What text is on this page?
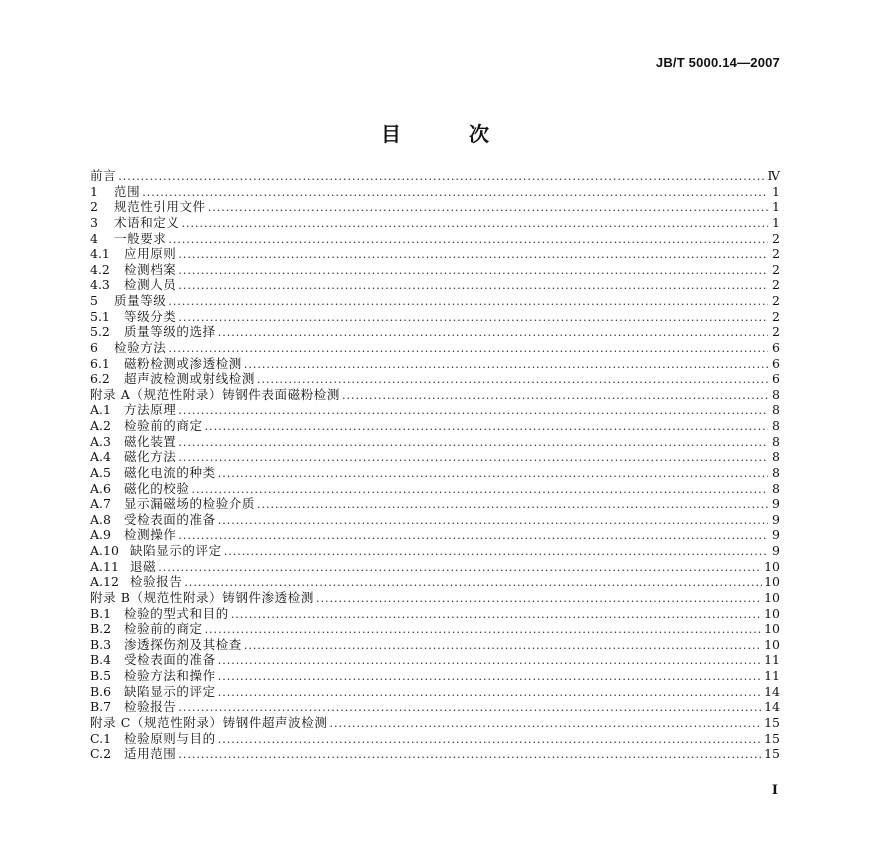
JB/T 5000.14—2007
目　次
前言 .....	Ⅳ
1	范围 .....	1
2	规范性引用文件 .....	1
3	术语和定义 .....	1
4	一般要求 .....	2
4.1	应用原则 .....	2
4.2	检测档案 .....	2
4.3	检测人员 .....	2
5	质量等级 .....	2
5.1	等级分类 .....	2
5.2	质量等级的选择 .....	2
6	检验方法 .....	6
6.1	磁粉检测或渗透检测 .....	6
6.2	超声波检测或射线检测 .....	6
附录 A（规范性附录）铸钢件表面磁粉检测 .....	8
A.1	方法原理 .....	8
A.2	检验前的商定 .....	8
A.3	磁化装置 .....	8
A.4	磁化方法 .....	8
A.5	磁化电流的种类 .....	8
A.6	磁化的校验 .....	8
A.7	显示漏磁场的检验介质 .....	9
A.8	受检表面的准备 .....	9
A.9	检测操作 .....	9
A.10 缺陷显示的评定 .....	9
A.11 退磁 .....	10
A.12 检验报告 .....	10
附录 B（规范性附录）铸钢件渗透检测 .....	10
B.1	检验的型式和目的 .....	10
B.2	检验前的商定 .....	10
B.3	渗透探伤剂及其检查 .....	10
B.4	受检表面的准备 .....	11
B.5	检验方法和操作 .....	11
B.6	缺陷显示的评定 .....	14
B.7	检验报告 .....	14
附录 C（规范性附录）铸钢件超声波检测 .....	15
C.1	检验原则与目的 .....	15
C.2	适用范围 .....	15
I
